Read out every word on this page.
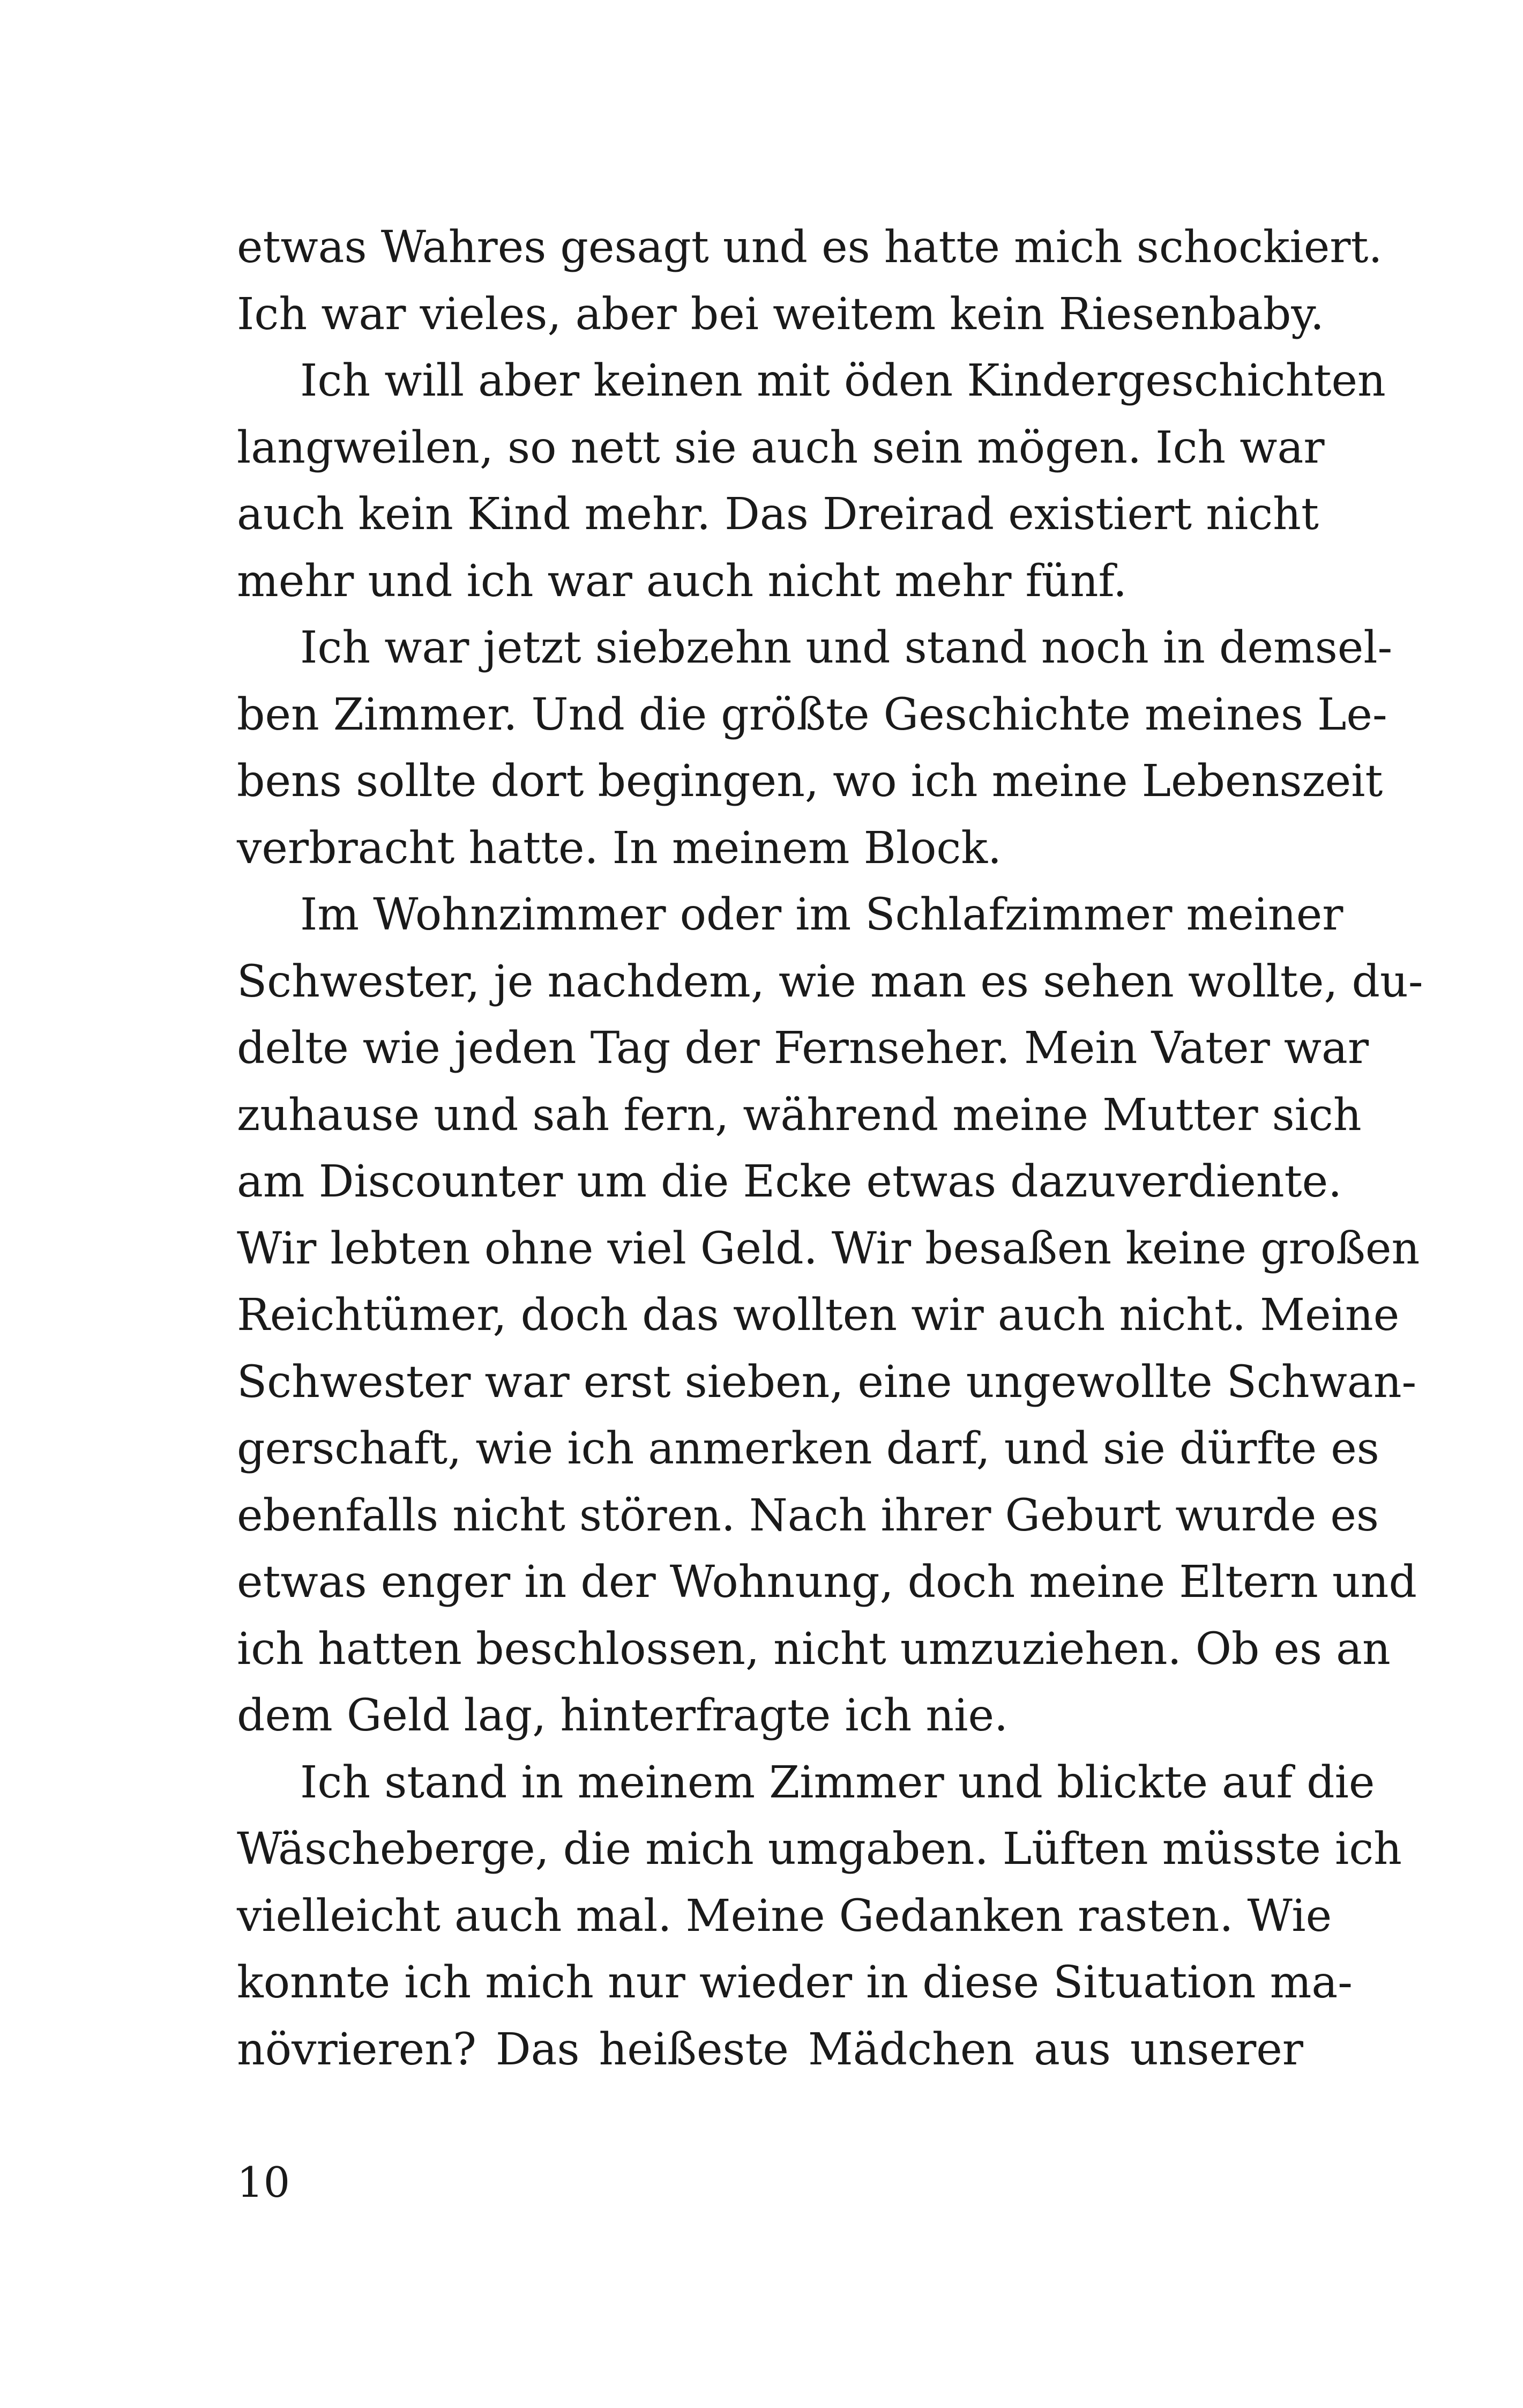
etwas Wahres gesagt und es hatte mich schockiert.
Ich war vieles, aber bei weitem kein Riesenbaby.
Ich will aber keinen mit öden Kindergeschichten
langweilen, so nett sie auch sein mögen. Ich war
auch kein Kind mehr. Das Dreirad existiert nicht
mehr und ich war auch nicht mehr fünf.
Ich war jetzt siebzehn und stand noch in demsel-
ben Zimmer. Und die größte Geschichte meines Le-
bens sollte dort begingen, wo ich meine Lebenszeit
verbracht hatte. In meinem Block.
Im Wohnzimmer oder im Schlafzimmer meiner
Schwester, je nachdem, wie man es sehen wollte, du-
delte wie jeden Tag der Fernseher. Mein Vater war
zuhause und sah fern, während meine Mutter sich
am Discounter um die Ecke etwas dazuverdiente.
Wir lebten ohne viel Geld. Wir besaßen keine großen
Reichtümer, doch das wollten wir auch nicht. Meine
Schwester war erst sieben, eine ungewollte Schwan-
gerschaft, wie ich anmerken darf, und sie dürfte es
ebenfalls nicht stören. Nach ihrer Geburt wurde es
etwas enger in der Wohnung, doch meine Eltern und
ich hatten beschlossen, nicht umzuziehen. Ob es an
dem Geld lag, hinterfragte ich nie.
Ich stand in meinem Zimmer und blickte auf die
Wäscheberge, die mich umgaben. Lüften müsste ich
vielleicht auch mal. Meine Gedanken rasten. Wie
konnte ich mich nur wieder in diese Situation ma-
növrieren? Das heißeste Mädchen aus unserer
10
